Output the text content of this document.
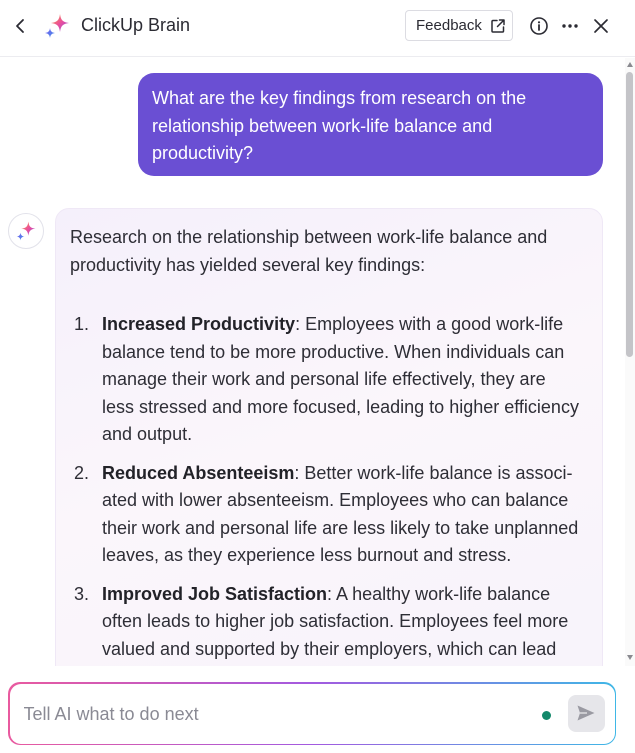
ClickUp Brain	Feedback
What are the key findings from research on the relationship between work-life balance and productivity?
Research on the relationship between work-life balance and productivity has yielded several key findings:
1. Increased Productivity: Employees with a good work-life balance tend to be more productive. When individuals can manage their work and personal life effectively, they are less stressed and more focused, leading to higher efficiency and output.
2. Reduced Absenteeism: Better work-life balance is associated with lower absenteeism. Employees who can balance their work and personal life are less likely to take unplanned leaves, as they experience less burnout and stress.
3. Improved Job Satisfaction: A healthy work-life balance often leads to higher job satisfaction. Employees feel more valued and supported by their employers, which can lead
Tell AI what to do next
